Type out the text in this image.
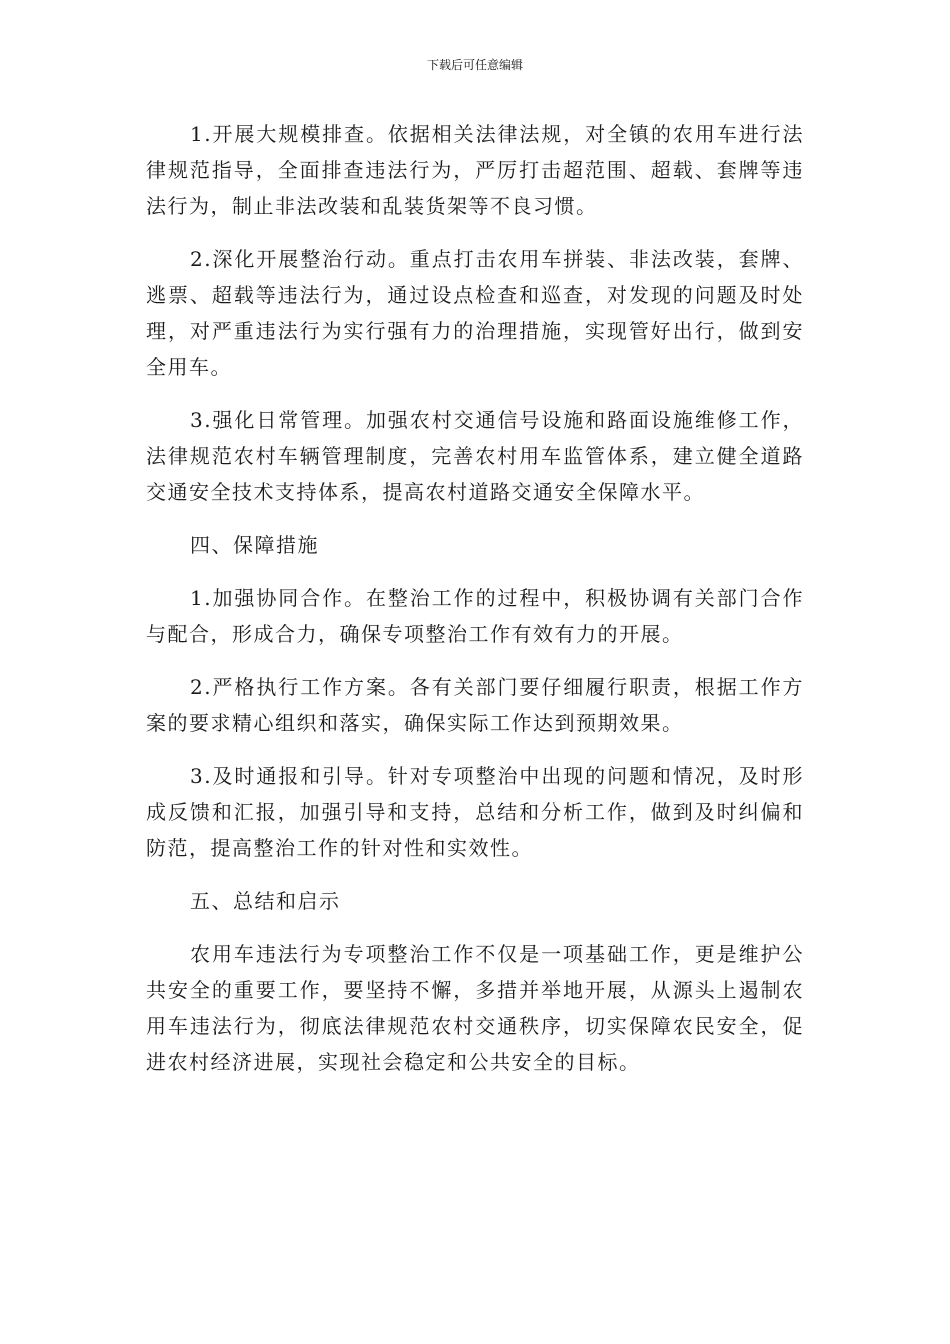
下载后可任意编辑

1.开展大规模排查。依据相关法律法规，对全镇的农用车进行法律规范指导，全面排查违法行为，严厉打击超范围、超载、套牌等违法行为，制止非法改装和乱装货架等不良习惯。

2.深化开展整治行动。重点打击农用车拼装、非法改装，套牌、逃票、超载等违法行为，通过设点检查和巡查，对发现的问题及时处理，对严重违法行为实行强有力的治理措施，实现管好出行，做到安全用车。

3.强化日常管理。加强农村交通信号设施和路面设施维修工作，法律规范农村车辆管理制度，完善农村用车监管体系，建立健全道路交通安全技术支持体系，提高农村道路交通安全保障水平。

四、保障措施

1.加强协同合作。在整治工作的过程中，积极协调有关部门合作与配合，形成合力，确保专项整治工作有效有力的开展。

2.严格执行工作方案。各有关部门要仔细履行职责，根据工作方案的要求精心组织和落实，确保实际工作达到预期效果。

3.及时通报和引导。针对专项整治中出现的问题和情况，及时形成反馈和汇报，加强引导和支持，总结和分析工作，做到及时纠偏和防范，提高整治工作的针对性和实效性。

五、总结和启示

农用车违法行为专项整治工作不仅是一项基础工作，更是维护公共安全的重要工作，要坚持不懈，多措并举地开展，从源头上遏制农用车违法行为，彻底法律规范农村交通秩序，切实保障农民安全，促进农村经济进展，实现社会稳定和公共安全的目标。
